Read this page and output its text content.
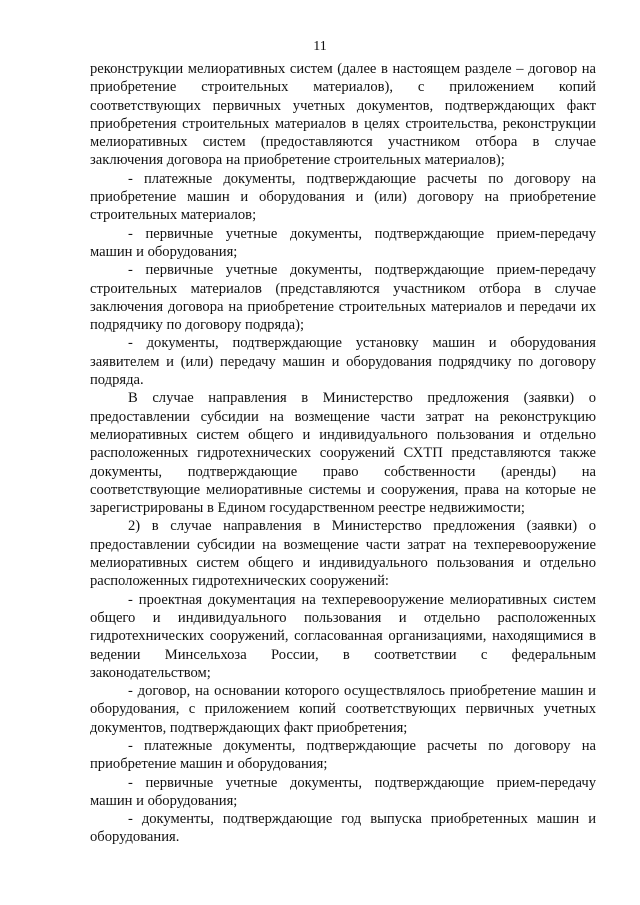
11

реконструкции мелиоративных систем (далее в настоящем разделе – договор на приобретение строительных материалов), с приложением копий соответствующих первичных учетных документов, подтверждающих факт приобретения строительных материалов в целях строительства, реконструкции мелиоративных систем (предоставляются участником отбора в случае заключения договора на приобретение строительных материалов);

- платежные документы, подтверждающие расчеты по договору на приобретение машин и оборудования и (или) договору на приобретение строительных материалов;

- первичные учетные документы, подтверждающие прием-передачу машин и оборудования;

- первичные учетные документы, подтверждающие прием-передачу строительных материалов (представляются участником отбора в случае заключения договора на приобретение строительных материалов и передачи их подрядчику по договору подряда);

- документы, подтверждающие установку машин и оборудования заявителем и (или) передачу машин и оборудования подрядчику по договору подряда.

В случае направления в Министерство предложения (заявки) о предоставлении субсидии на возмещение части затрат на реконструкцию мелиоративных систем общего и индивидуального пользования и отдельно расположенных гидротехнических сооружений СХТП представляются также документы, подтверждающие право собственности (аренды) на соответствующие мелиоративные системы и сооружения, права на которые не зарегистрированы в Едином государственном реестре недвижимости;

2) в случае направления в Министерство предложения (заявки) о предоставлении субсидии на возмещение части затрат на техперевооружение мелиоративных систем общего и индивидуального пользования и отдельно расположенных гидротехнических сооружений:

- проектная документация на техперевооружение мелиоративных систем общего и индивидуального пользования и отдельно расположенных гидротехнических сооружений, согласованная организациями, находящимися в ведении Минсельхоза России, в соответствии с федеральным законодательством;

- договор, на основании которого осуществлялось приобретение машин и оборудования, с приложением копий соответствующих первичных учетных документов, подтверждающих факт приобретения;

- платежные документы, подтверждающие расчеты по договору на приобретение машин и оборудования;

- первичные учетные документы, подтверждающие прием-передачу машин и оборудования;

- документы, подтверждающие год выпуска приобретенных машин и оборудования.
